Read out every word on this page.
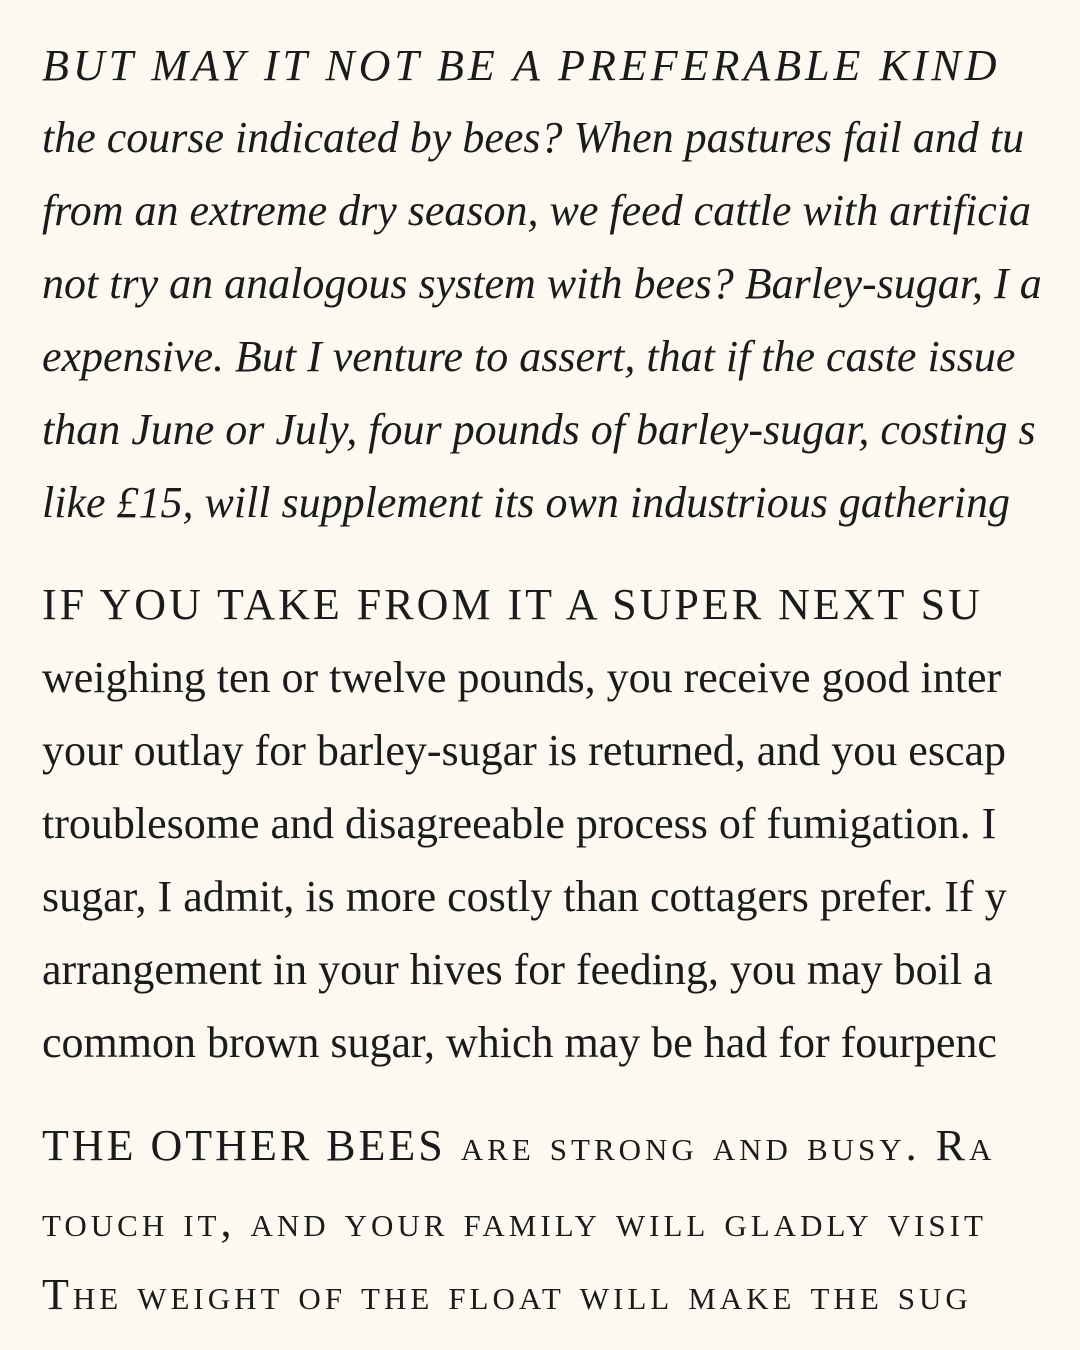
BUT MAY IT NOT BE A PREFERABLE KIND
the course indicated by bees? When pastures fail and tu
from an extreme dry season, we feed cattle with artificia
not try an analogous system with bees? Barley-sugar, I a
expensive. But I venture to assert, that if the caste issue
than June or July, four pounds of barley-sugar, costing s
like £15, will supplement its own industrious gathering
IF YOU TAKE FROM IT A SUPER NEXT SU
weighing ten or twelve pounds, you receive good inter
your outlay for barley-sugar is returned, and you escap
troublesome and disagreeable process of fumigation. I
sugar, I admit, is more costly than cottagers prefer. If y
arrangement in your hives for feeding, you may boil a
common brown sugar, which may be had for fourpenc
THE OTHER BEES are strong and busy. Ra
touch it, and your family will gladly visit
The weight of the float will make the sug
